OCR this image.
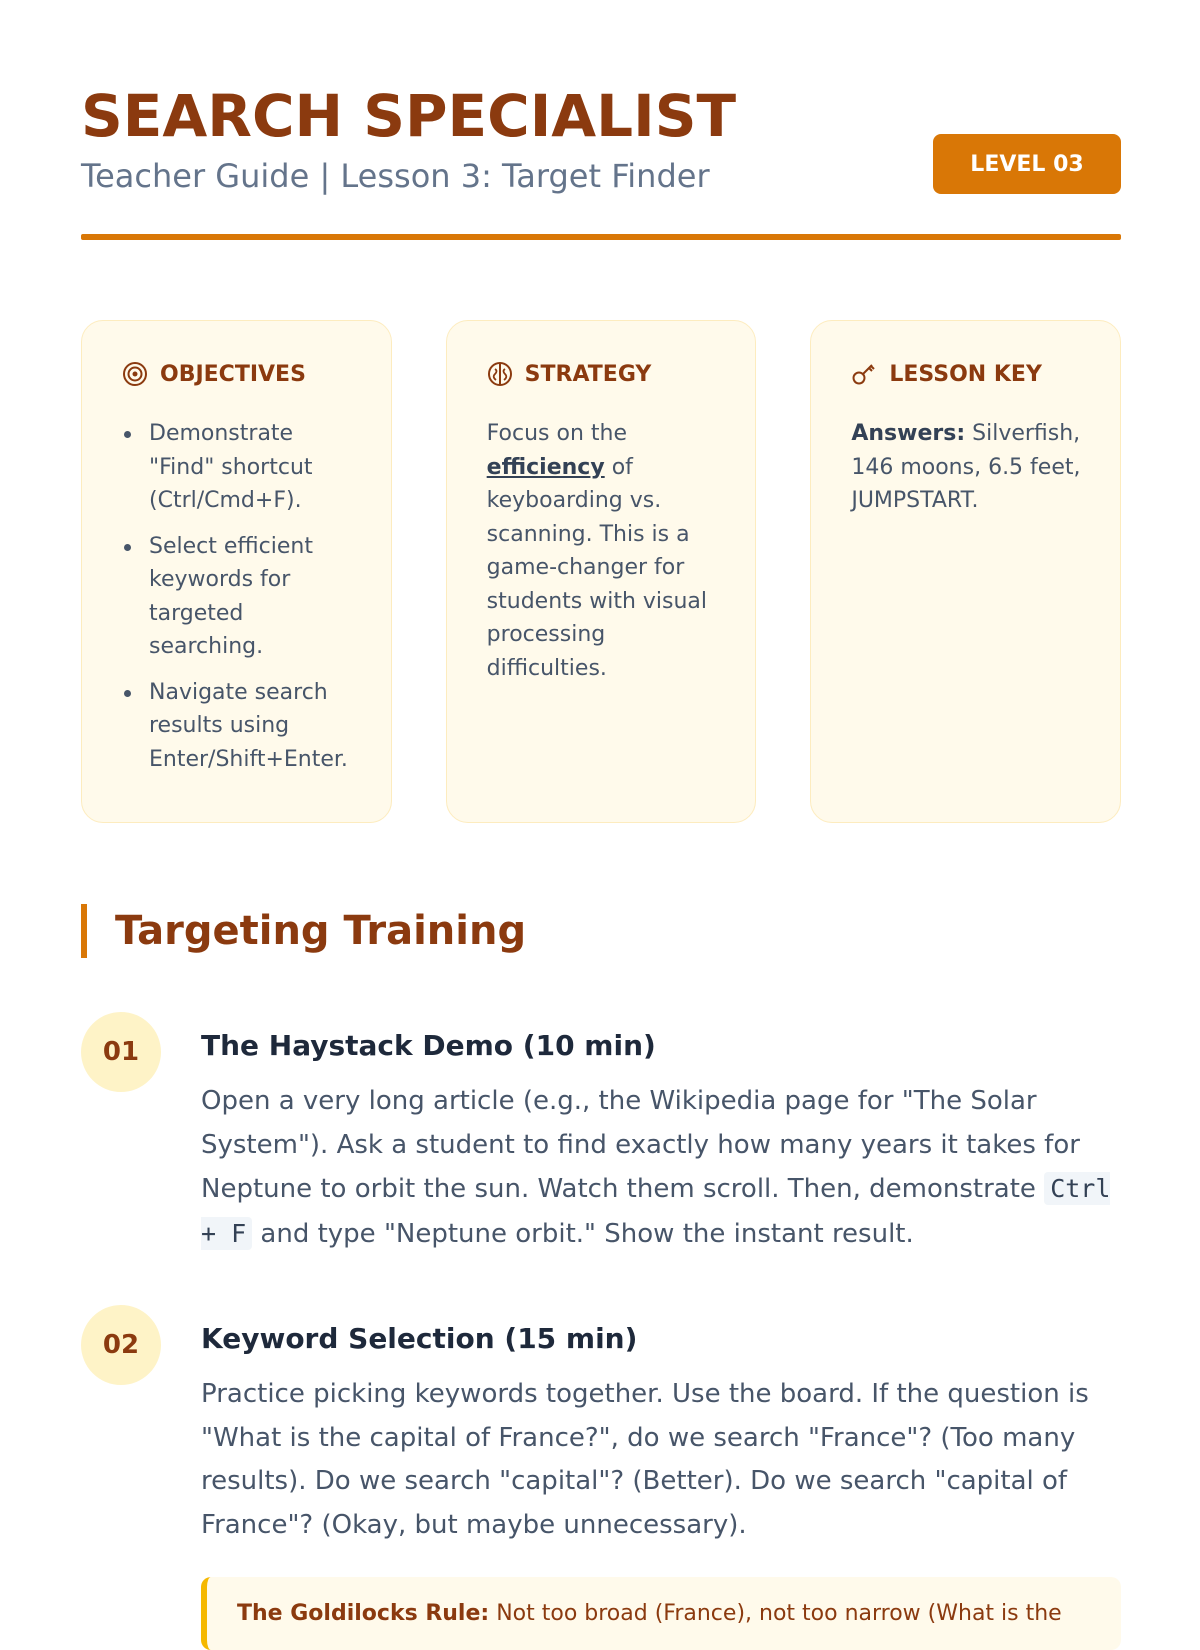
SEARCH SPECIALIST
Teacher Guide | Lesson 3: Target Finder	LEVEL 03
OBJECTIVES
Demonstrate "Find" shortcut (Ctrl/Cmd+F).
Select efficient keywords for targeted searching.
Navigate search results using Enter/Shift+Enter.
STRATEGY

Focus on the efficiency of keyboarding vs. scanning. This is a game-changer for students with visual processing difficulties.

LESSON KEY

Answers: Silverfish, 146 moons, 6.5 feet, JUMPSTART.

Targeting Training
01	The Haystack Demo (10 min)

Open a very long article (e.g., the Wikipedia page for "The Solar System"). Ask a student to find exactly how many years it takes for Neptune to orbit the sun. Watch them scroll. Then, demonstrate Ctrl + F and type "Neptune orbit." Show the instant result.

02	Keyword Selection (15 min)

Practice picking keywords together. Use the board. If the question is "What is the capital of France?", do we search "France"? (Too many results). Do we search "capital"? (Better). Do we search "capital of France"? (Okay, but maybe unnecessary).

The Goldilocks Rule: Not too broad (France), not too narrow (What is the
